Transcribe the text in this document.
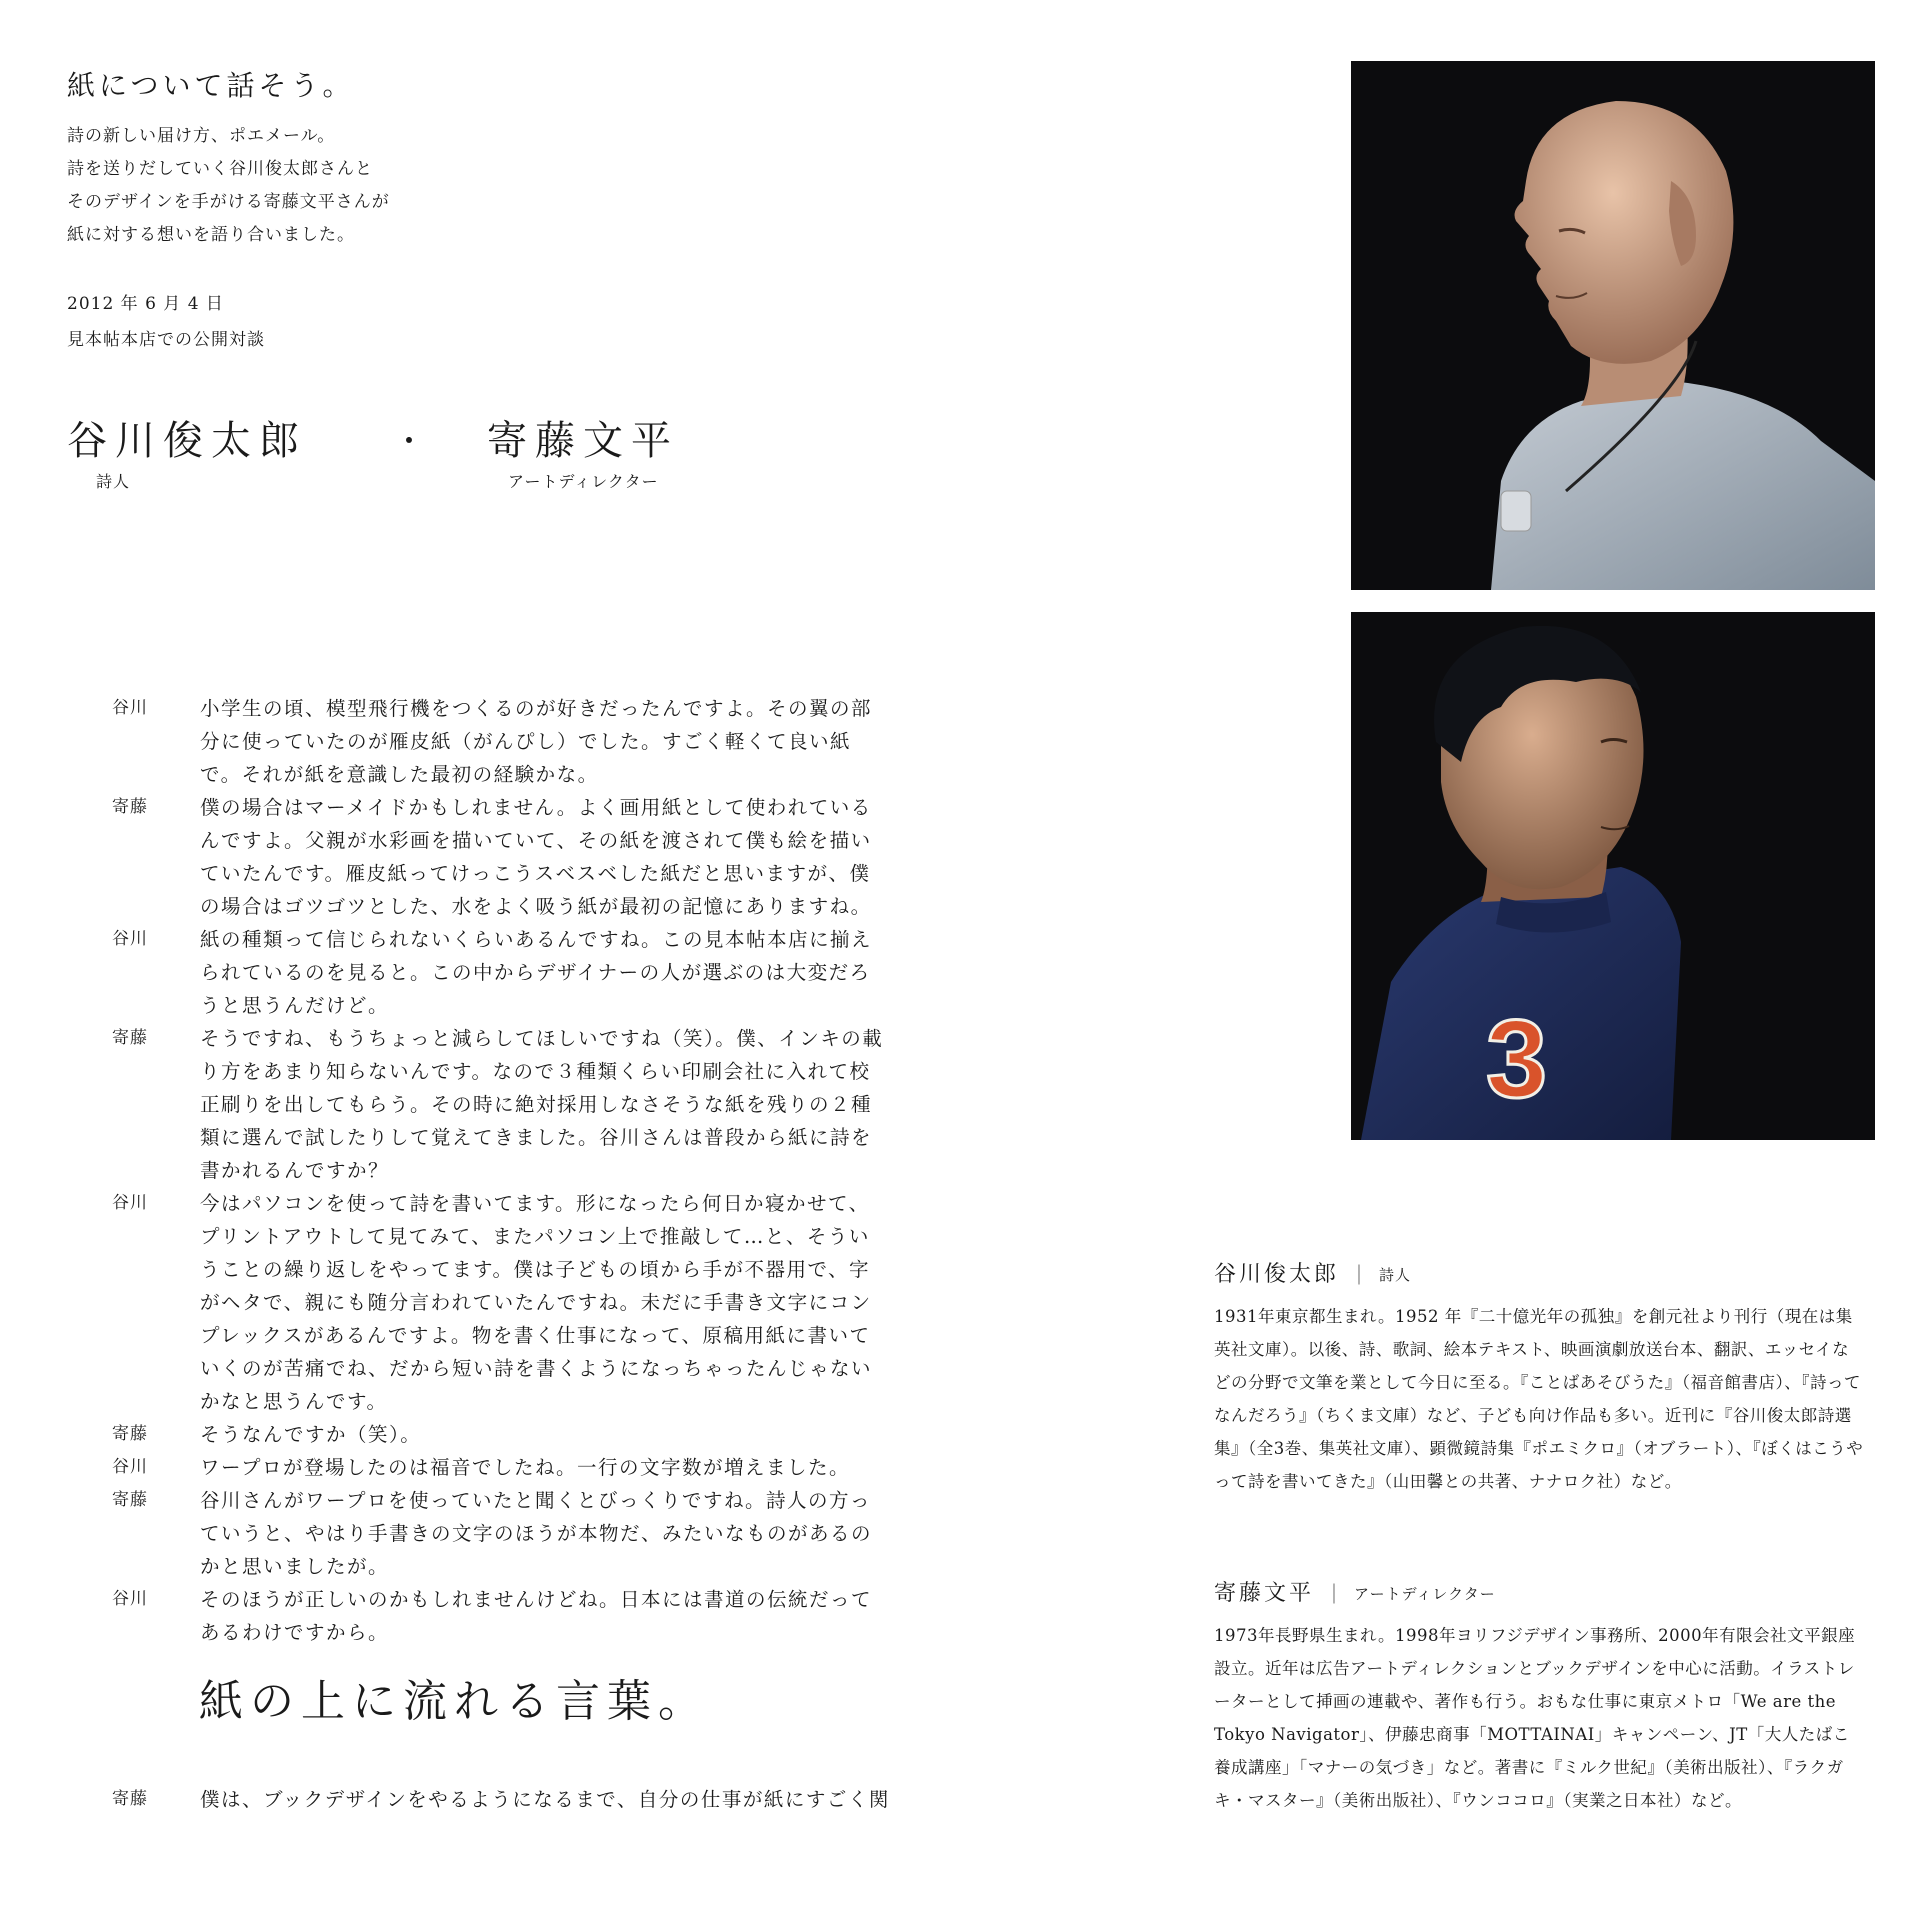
紙について話そう。
詩の新しい届け方、ポエメール。
詩を送りだしていく谷川俊太郎さんと
そのデザインを手がける寄藤文平さんが
紙に対する想いを語り合いました。
2012 年 6 月 4 日
見本帖本店での公開対談
谷川俊太郎
詩人
・ 寄藤文平
アートディレクター
3
谷川	小学生の頃、模型飛行機をつくるのが好きだったんですよ。その翼の部分に使っていたのが雁皮紙（がんぴし）でした。すごく軽くて良い紙で。それが紙を意識した最初の経験かな。
寄藤	僕の場合はマーメイドかもしれません。よく画用紙として使われているんですよ。父親が水彩画を描いていて、その紙を渡されて僕も絵を描いていたんです。雁皮紙ってけっこうスベスベした紙だと思いますが、僕の場合はゴツゴツとした、水をよく吸う紙が最初の記憶にありますね。
谷川	紙の種類って信じられないくらいあるんですね。この見本帖本店に揃えられているのを見ると。この中からデザイナーの人が選ぶのは大変だろうと思うんだけど。
寄藤	そうですね、もうちょっと減らしてほしいですね（笑）。僕、インキの載り方をあまり知らないんです。なので３種類くらい印刷会社に入れて校正刷りを出してもらう。その時に絶対採用しなさそうな紙を残りの２種類に選んで試したりして覚えてきました。谷川さんは普段から紙に詩を書かれるんですか？
谷川	今はパソコンを使って詩を書いてます。形になったら何日か寝かせて、プリントアウトして見てみて、またパソコン上で推敲して…と、そういうことの繰り返しをやってます。僕は子どもの頃から手が不器用で、字がヘタで、親にも随分言われていたんですね。未だに手書き文字にコンプレックスがあるんですよ。物を書く仕事になって、原稿用紙に書いていくのが苦痛でね、だから短い詩を書くようになっちゃったんじゃないかなと思うんです。
寄藤	そうなんですか（笑）。
谷川	ワープロが登場したのは福音でしたね。一行の文字数が増えました。
寄藤	谷川さんがワープロを使っていたと聞くとびっくりですね。詩人の方っていうと、やはり手書きの文字のほうが本物だ、みたいなものがあるのかと思いましたが。
谷川	そのほうが正しいのかもしれませんけどね。日本には書道の伝統だってあるわけですから。
紙の上に流れる言葉。
寄藤	僕は、ブックデザインをやるようになるまで、自分の仕事が紙にすごく関
谷川俊太郎 ｜ 詩人
1931年東京都生まれ。1952 年『二十億光年の孤独』を創元社より刊行（現在は集英社文庫）。以後、詩、歌詞、絵本テキスト、映画演劇放送台本、翻訳、エッセイなどの分野で文筆を業として今日に至る。『ことばあそびうた』（福音館書店）、『詩ってなんだろう』（ちくま文庫）など、子ども向け作品も多い。近刊に『谷川俊太郎詩選集』（全3巻、集英社文庫）、顕微鏡詩集『ポエミクロ』（オブラート）、『ぼくはこうやって詩を書いてきた』（山田馨との共著、ナナロク社）など。
寄藤文平 ｜ アートディレクター
1973年長野県生まれ。1998年ヨリフジデザイン事務所、2000年有限会社文平銀座設立。近年は広告アートディレクションとブックデザインを中心に活動。イラストレーターとして挿画の連載や、著作も行う。おもな仕事に東京メトロ「We are the Tokyo Navigator」、伊藤忠商事「MOTTAINAI」キャンペーン、JT「大人たばこ養成講座」「マナーの気づき」など。著書に『ミルク世紀』（美術出版社）、『ラクガキ・マスター』（美術出版社）、『ウンココロ』（実業之日本社）など。
